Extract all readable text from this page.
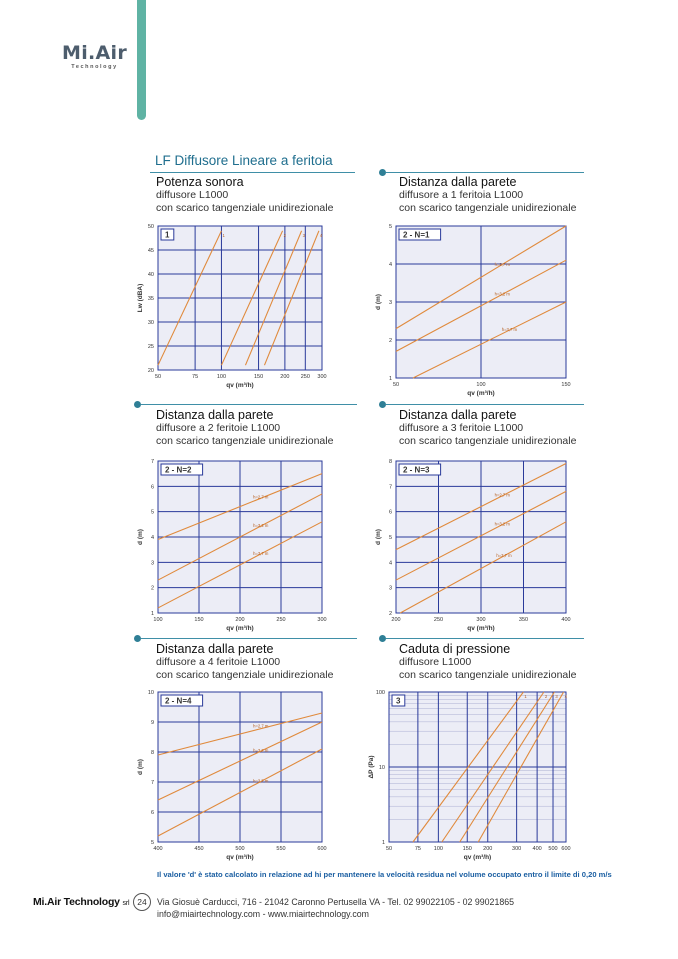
Mi.Air
Technology
LF Diffusore Lineare a feritoia
Potenza sonora
diffusore L1000
con scarico tangenziale unidirezionale
Distanza dalla parete
diffusore a 1 feritoia L1000
con scarico tangenziale unidirezionale
Distanza dalla parete
diffusore a 2 feritoie L1000
con scarico tangenziale unidirezionale
Distanza dalla parete
diffusore a 3 feritoie L1000
con scarico tangenziale unidirezionale
Distanza dalla parete
diffusore a 4 feritoie L1000
con scarico tangenziale unidirezionale
Caduta di pressione
diffusore L1000
con scarico tangenziale unidirezionale
20
25
30
35
40
45
50
50	75	100	150	200 250 300
1	1	2	3	4
qv (m³/h)
Lw (dBA)
1
2
3
4
5
50	100	150
2 - N=1
h=2,7 m
h=3,2 m
h=3,7 m
qv (m³/h)
d (m)
1
2
3
4
5
6
7
100	150	200	250	300
2 - N=2
h=2,7 m
h=3,2 m
h=3,7 m
qv (m³/h)
d (m)
2
3
4
5
6
7
8
200	250	300	350	400
2 - N=3
h=2,7 m
h=3,2 m
h=3,7 m
qv (m³/h)
d (m)
5
6
7
8
9
10
400	450	500	550	600
2 - N=4
h=2,7 m
h=3,2 m
h=3,7 m
qv (m³/h)
d (m)
1
10
100
50	75 100	150 200	300 400 500 600
3	1	2 3 4
qv (m³/h)
ΔP (Pa)
Il valore 'd' è stato calcolato in relazione ad hi per mantenere la velocità residua nel volume occupato entro il limite di 0,20 m/s
Mi.Air Technology srl 24	Via Giosuè Carducci, 716 - 21042 Caronno Pertusella VA - Tel. 02 99022105 - 02 99021865
info@miairtechnology.com - www.miairtechnology.com
